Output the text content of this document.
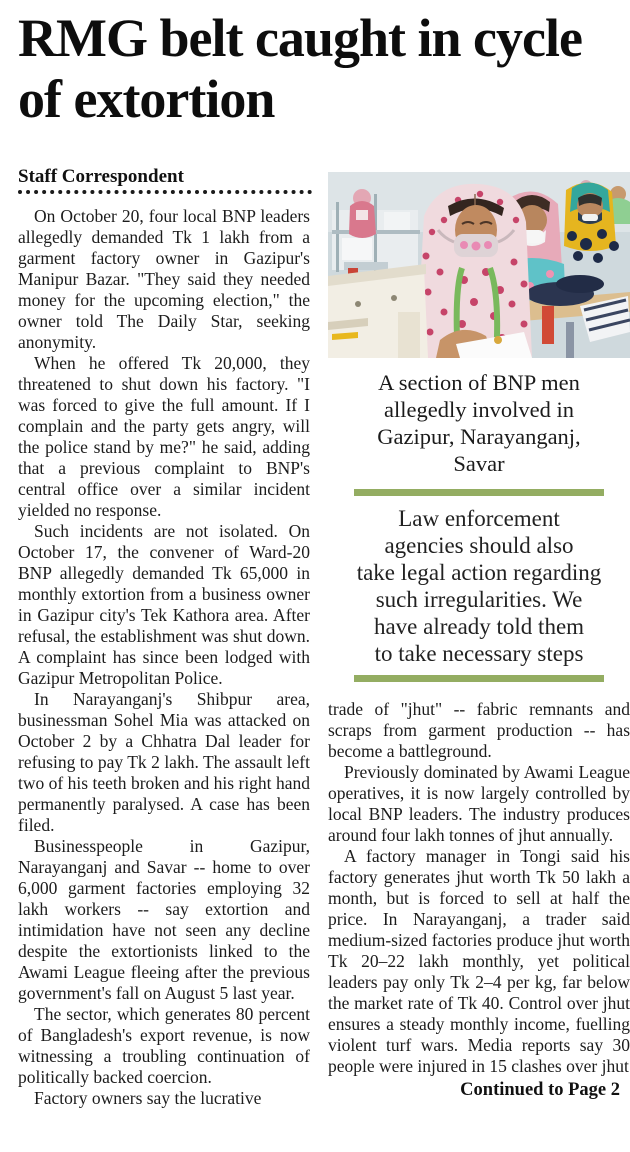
RMG belt caught in cycle of extortion
Staff Correspondent

On October 20, four local BNP leaders allegedly demanded Tk 1 lakh from a garment factory owner in Gazipur's Manipur Bazar. "They said they needed money for the upcoming election," the owner told The Daily Star, seeking anonymity.

When he offered Tk 20,000, they threatened to shut down his factory. "I was forced to give the full amount. If I complain and the party gets angry, will the police stand by me?" he said, adding that a previous complaint to BNP's central office over a similar incident yielded no response.

Such incidents are not isolated. On October 17, the convener of Ward-20 BNP allegedly demanded Tk 65,000 in monthly extortion from a business owner in Gazipur city's Tek Kathora area. After refusal, the establishment was shut down. A complaint has since been lodged with Gazipur Metropolitan Police.

In Narayanganj's Shibpur area, businessman Sohel Mia was attacked on October 2 by a Chhatra Dal leader for refusing to pay Tk 2 lakh. The assault left two of his teeth broken and his right hand permanently paralysed. A case has been filed.

Businesspeople in Gazipur, Narayanganj and Savar -- home to over 6,000 garment factories employing 32 lakh workers -- say extortion and intimidation have not seen any decline despite the extortionists linked to the Awami League fleeing after the previous government's fall on August 5 last year.

The sector, which generates 80 percent of Bangladesh's export revenue, is now witnessing a troubling continuation of politically backed coercion.

Factory owners say the lucrative

A section of BNP men
allegedly involved in
Gazipur, Narayanganj,
Savar
Law enforcement
agencies should also
take legal action regarding
such irregularities. We
have already told them
to take necessary steps

trade of "jhut" -- fabric remnants and scraps from garment production -- has become a battleground.

Previously dominated by Awami League operatives, it is now largely controlled by local BNP leaders. The industry produces around four lakh tonnes of jhut annually.

A factory manager in Tongi said his factory generates jhut worth Tk 50 lakh a month, but is forced to sell at half the price. In Narayanganj, a trader said medium-sized factories produce jhut worth Tk 20–22 lakh monthly, yet political leaders pay only Tk 2–4 per kg, far below the market rate of Tk 40. Control over jhut ensures a steady monthly income, fuelling violent turf wars. Media reports say 30 people were injured in 15 clashes over jhut

Continued to Page 2
